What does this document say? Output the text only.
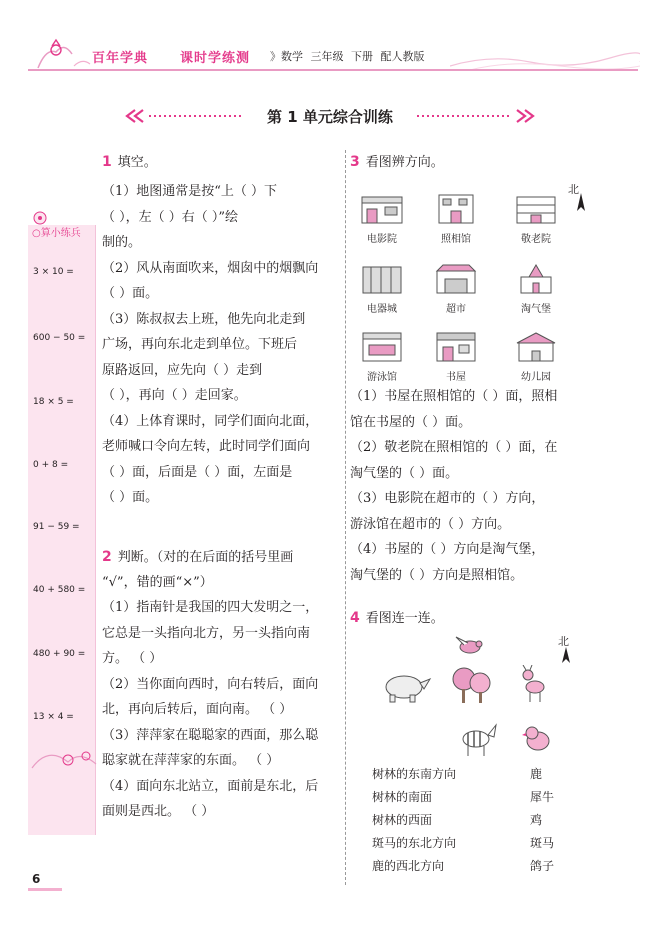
百年学典 课时学练测 》数学 三年级 下册 配人教版
第 1 单元综合训练
○算小练兵
3 × 10 =
600 − 50 =
18 × 5 =
0 + 8 =
91 − 59 =
40 + 580 =
480 + 90 =
13 × 4 =
1 填空。
（1）地图通常是按“上（ ）下
（ ），左（ ）右（ ）”绘
制的。
（2）风从南面吹来，烟囱中的烟飘向
（ ）面。
（3）陈叔叔去上班，他先向北走到
广场，再向东北走到单位。下班后
原路返回，应先向（ ）走到
（ ），再向（ ）走回家。
（4）上体育课时，同学们面向北面，
老师喊口令向左转，此时同学们面向
（ ）面，后面是（ ）面，左面是
（ ）面。
2 判断。（对的在后面的括号里画
“√”，错的画“×”）
（1）指南针是我国的四大发明之一，
它总是一头指向北方，另一头指向南
方。 （ ）
（2）当你面向西时，向右转后，面向
北，再向后转后，面向南。 （ ）
（3）萍萍家在聪聪家的西面，那么聪
聪家就在萍萍家的东面。 （ ）
（4）面向东北站立，面前是东北，后
面则是西北。 （ ）
3 看图辨方向。
电影院	照相馆	敬老院
北
电器城	超市	淘气堡
游泳馆	书屋	幼儿园
（1）书屋在照相馆的（ ）面，照相
馆在书屋的（ ）面。
（2）敬老院在照相馆的（ ）面，在
淘气堡的（ ）面。
（3）电影院在超市的（ ）方向，
游泳馆在超市的（ ）方向。
（4）书屋的（ ）方向是淘气堡，
淘气堡的（ ）方向是照相馆。
4 看图连一连。
北
树林的东南方向	鹿
树林的南面	犀牛
树林的西面	鸡
斑马的东北方向	斑马
鹿的西北方向	鸽子
6
